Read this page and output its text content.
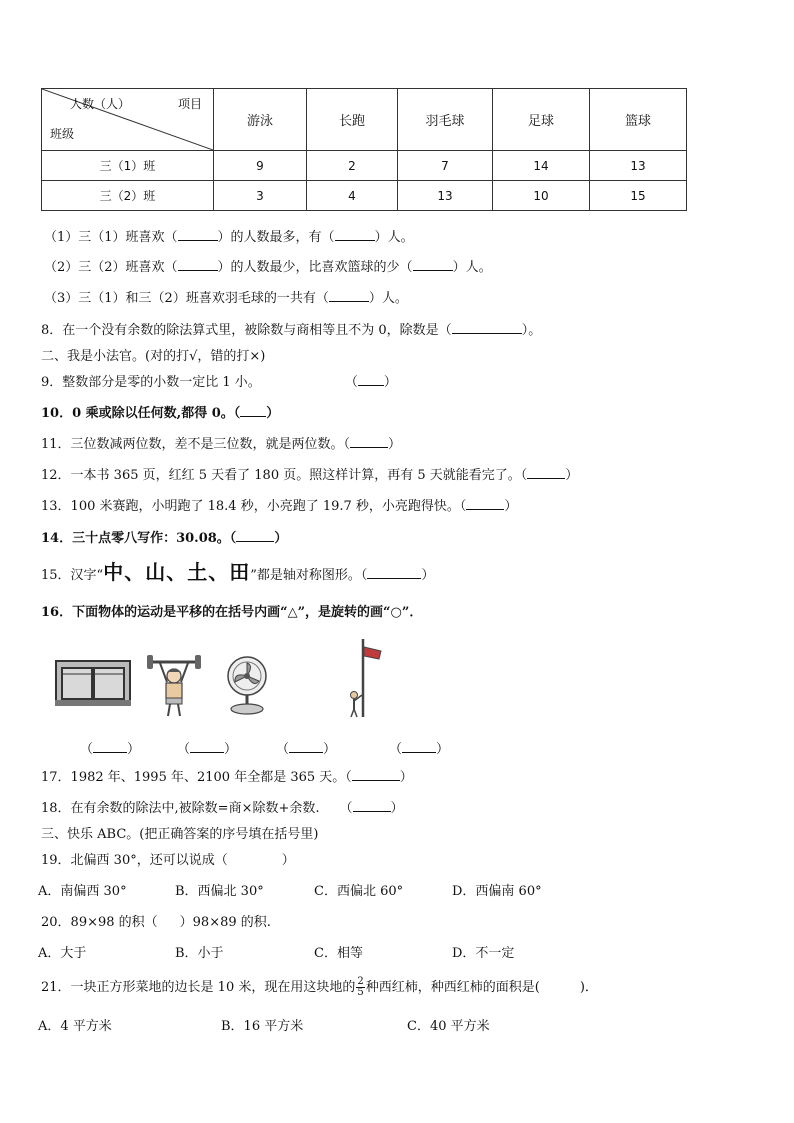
人数（人） 项目
班级	游泳	长跑	羽毛球	足球	篮球
三（1）班	9	2	7	14	13
三（2）班	3	4	13	10	15
（1）三（1）班喜欢（	）的人数最多，有（	）人。
（2）三（2）班喜欢（	）的人数最少，比喜欢篮球的少（	）人。
（3）三（1）和三（2）班喜欢羽毛球的一共有（	）人。
8．在一个没有余数的除法算式里，被除数与商相等且不为 0，除数是（	）。
二、我是小法官。(对的打√，错的打×)
9．整数部分是零的小数一定比 1 小。	（ ）
10．0 乘或除以任何数,都得 0。（ ）
11．三位数减两位数，差不是三位数，就是两位数。（	）
12．一本书 365 页，红红 5 天看了 180 页。照这样计算，再有 5 天就能看完了。（	）
13．100 米赛跑，小明跑了 18.4 秒，小亮跑了 19.7 秒，小亮跑得快。（	）
14．三十点零八写作：30.08。（	）
15．汉字“中、山、土、田”都是轴对称图形。（	）
16．下面物体的运动是平移的在括号内画“△”，是旋转的画“○”．
（	）	（	）	（	）	（	）
17．1982 年、1995 年、2100 年全都是 365 天。（	）
18．在有余数的除法中,被除数=商×除数+余数. （	）
三、快乐 ABC。(把正确答案的序号填在括号里)
19．北偏西 30°，还可以说成（	）
A．南偏西 30°	B．西偏北 30°	C．西偏北 60°	D．西偏南 60°
20．89×98 的积（ ）98×89 的积.
A．大于	B．小于	C．相等	D．不一定
21．一块正方形菜地的边长是 10 米，现在用这块地的 $\frac{2}{5}$ 种西红柿，种西红柿的面积是(	)．
A．4 平方米	B．16 平方米	C．40 平方米
